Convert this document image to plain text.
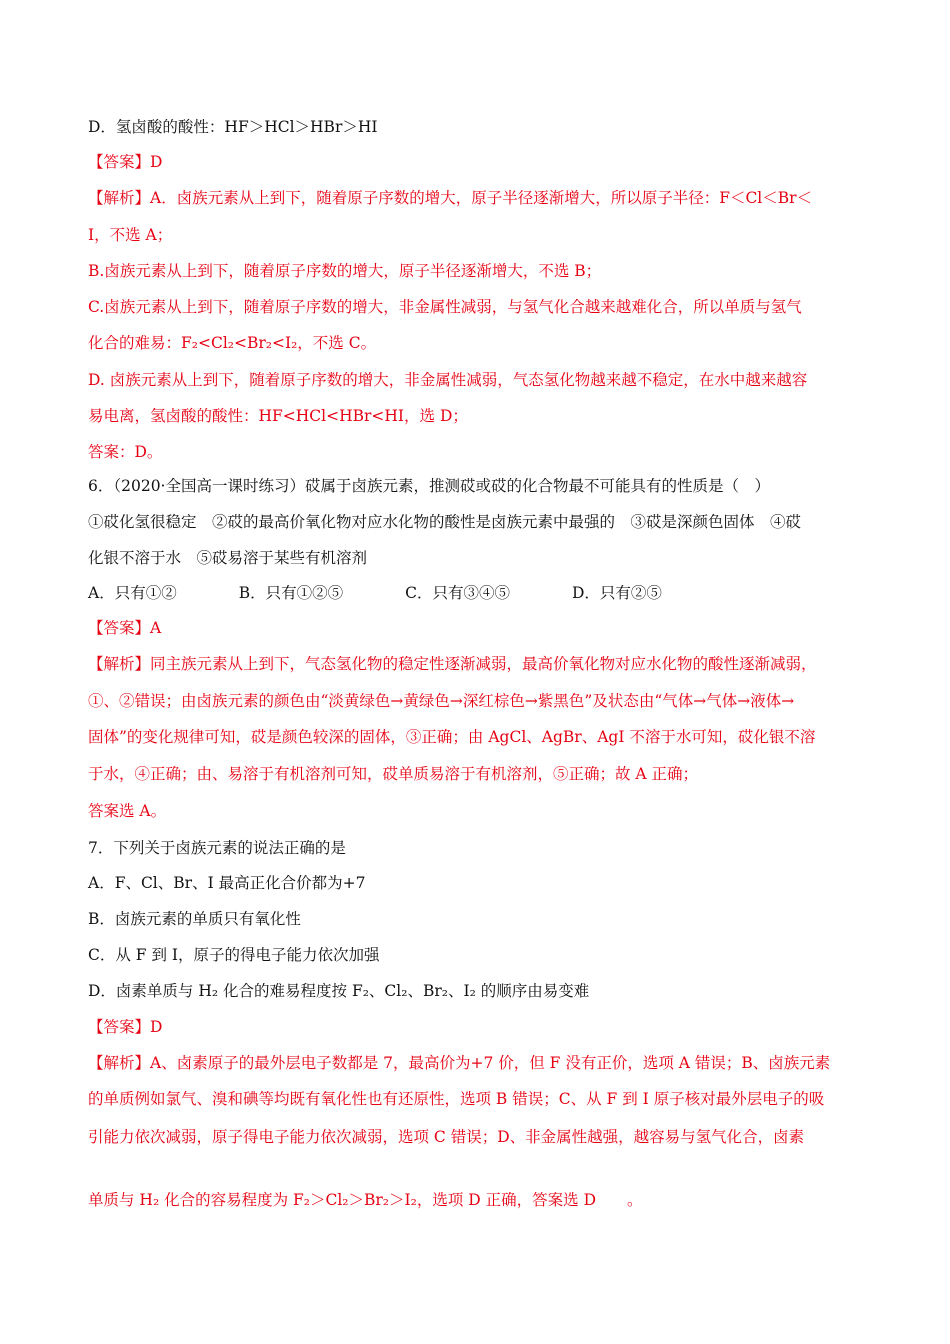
D．氢卤酸的酸性：HF＞HCl＞HBr＞HI
【答案】D
【解析】A．卤族元素从上到下，随着原子序数的增大，原子半径逐渐增大，所以原子半径：F＜Cl＜Br＜
I，不选 A；
B.卤族元素从上到下，随着原子序数的增大，原子半径逐渐增大，不选 B；
C.卤族元素从上到下，随着原子序数的增大，非金属性减弱，与氢气化合越来越难化合，所以单质与氢气
化合的难易：F₂<Cl₂<Br₂<I₂，不选 C。
D. 卤族元素从上到下，随着原子序数的增大，非金属性减弱，气态氢化物越来越不稳定，在水中越来越容
易电离，氢卤酸的酸性：HF<HCl<HBr<HI，选 D；
答案：D。
6．（2020·全国高一课时练习）砹属于卤族元素，推测砹或砹的化合物最不可能具有的性质是（　）
①砹化氢很稳定　②砹的最高价氧化物对应水化物的酸性是卤族元素中最强的　③砹是深颜色固体　④砹
化银不溶于水　⑤砹易溶于某些有机溶剂
A．只有①②　　　　B．只有①②⑤　　　　C．只有③④⑤　　　　D．只有②⑤
【答案】A
【解析】同主族元素从上到下，气态氢化物的稳定性逐渐减弱，最高价氧化物对应水化物的酸性逐渐减弱，
①、②错误；由卤族元素的颜色由“淡黄绿色→黄绿色→深红棕色→紫黑色”及状态由“气体→气体→液体→
固体”的变化规律可知，砹是颜色较深的固体，③正确；由 AgCl、AgBr、AgI 不溶于水可知，砹化银不溶
于水，④正确；由、易溶于有机溶剂可知，砹单质易溶于有机溶剂，⑤正确；故 A 正确；
答案选 A。
7．下列关于卤族元素的说法正确的是
A．F、Cl、Br、I 最高正化合价都为+7
B．卤族元素的单质只有氧化性
C．从 F 到 I，原子的得电子能力依次加强
D．卤素单质与 H₂ 化合的难易程度按 F₂、Cl₂、Br₂、I₂ 的顺序由易变难
【答案】D
【解析】A、卤素原子的最外层电子数都是 7，最高价为+7 价，但 F 没有正价，选项 A 错误；B、卤族元素
的单质例如氯气、溴和碘等均既有氧化性也有还原性，选项 B 错误；C、从 F 到 I 原子核对最外层电子的吸
引能力依次减弱，原子得电子能力依次减弱，选项 C 错误；D、非金属性越强，越容易与氢气化合，卤素
单质与 H₂ 化合的容易程度为 F₂＞Cl₂＞Br₂＞I₂，选项 D 正确，答案选 D　　。
